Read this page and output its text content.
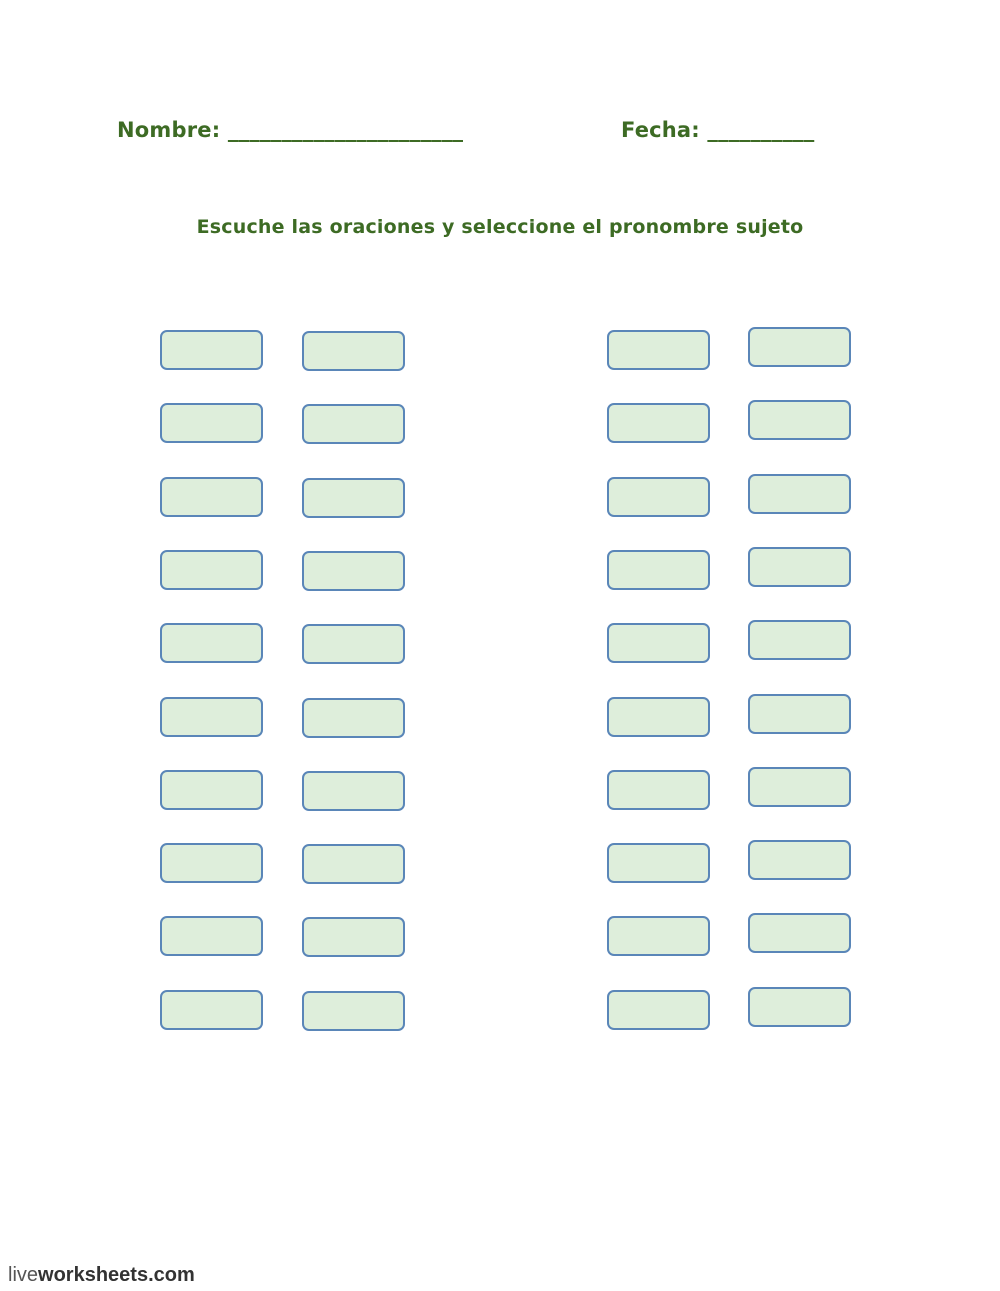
Nombre: ______________________	Fecha: __________
Escuche las oraciones y seleccione el pronombre sujeto
liveworksheets.com
